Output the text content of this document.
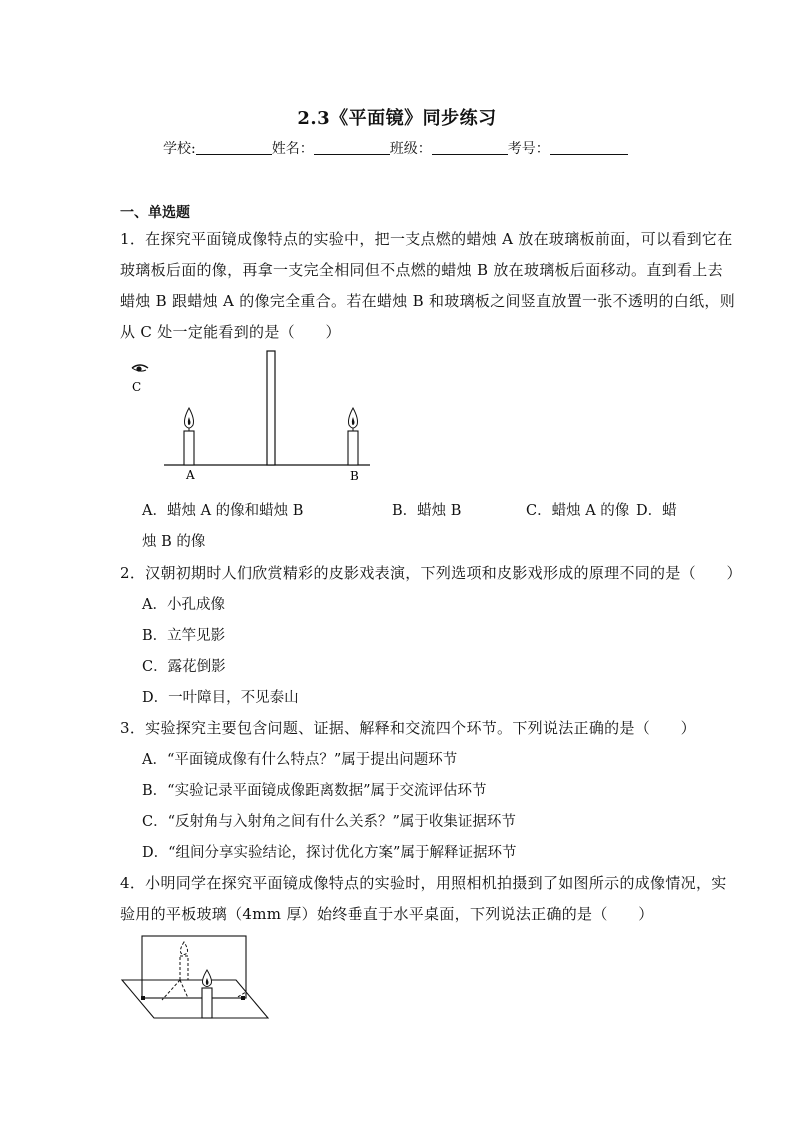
2.3《平面镜》同步练习
学校:	姓名：	班级：	考号：
一、单选题
1．在探究平面镜成像特点的实验中，把一支点燃的蜡烛 A 放在玻璃板前面，可以看到它在
玻璃板后面的像，再拿一支完全相同但不点燃的蜡烛 B 放在玻璃板后面移动。直到看上去
蜡烛 B 跟蜡烛 A 的像完全重合。若在蜡烛 B 和玻璃板之间竖直放置一张不透明的白纸，则
从 C 处一定能看到的是（　　）
C
A	B
A．蜡烛 A 的像和蜡烛 B	B．蜡烛 B	C．蜡烛 A 的像 D．蜡
烛 B 的像
2．汉朝初期时人们欣赏精彩的皮影戏表演，下列选项和皮影戏形成的原理不同的是（　　）
A．小孔成像
B．立竿见影
C．露花倒影
D．一叶障目，不见泰山
3．实验探究主要包含问题、证据、解释和交流四个环节。下列说法正确的是（　　）
A．“平面镜成像有什么特点？”属于提出问题环节
B．“实验记录平面镜成像距离数据”属于交流评估环节
C．“反射角与入射角之间有什么关系？”属于收集证据环节
D．“组间分享实验结论，探讨优化方案”属于解释证据环节
4．小明同学在探究平面镜成像特点的实验时，用照相机拍摄到了如图所示的成像情况，实
验用的平板玻璃（4mm 厚）始终垂直于水平桌面，下列说法正确的是（　　）
